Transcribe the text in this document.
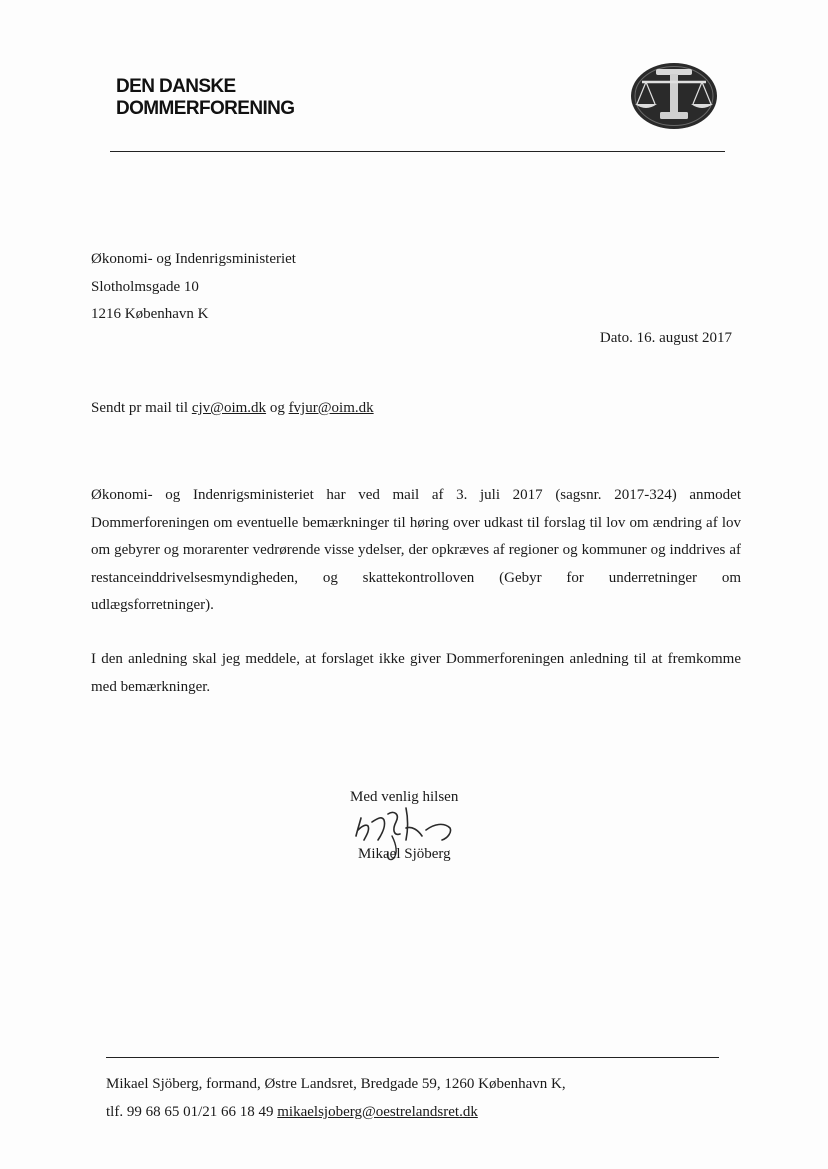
DEN DANSKE
DOMMERFORENING
Økonomi- og Indenrigsministeriet
Slotholmsgade 10
1216 København K
Dato. 16. august 2017
Sendt pr mail til cjv@oim.dk og fvjur@oim.dk

Økonomi- og Indenrigsministeriet har ved mail af 3. juli 2017 (sagsnr. 2017-324) anmodet Dommerforeningen om eventuelle bemærkninger til høring over udkast til forslag til lov om ændring af lov om gebyrer og morarenter vedrørende visse ydelser, der opkræves af regioner og kommuner og inddrives af restanceinddrivelsesmyndigheden, og skattekontrolloven (Gebyr for underretninger om udlægsforretninger).

I den anledning skal jeg meddele, at forslaget ikke giver Dommerforeningen anledning til at fremkomme med bemærkninger.

Med venlig hilsen
Mikael Sjöberg
Mikael Sjöberg, formand, Østre Landsret, Bredgade 59, 1260 København K,
tlf. 99 68 65 01/21 66 18 49 mikaelsjoberg@oestrelandsret.dk
